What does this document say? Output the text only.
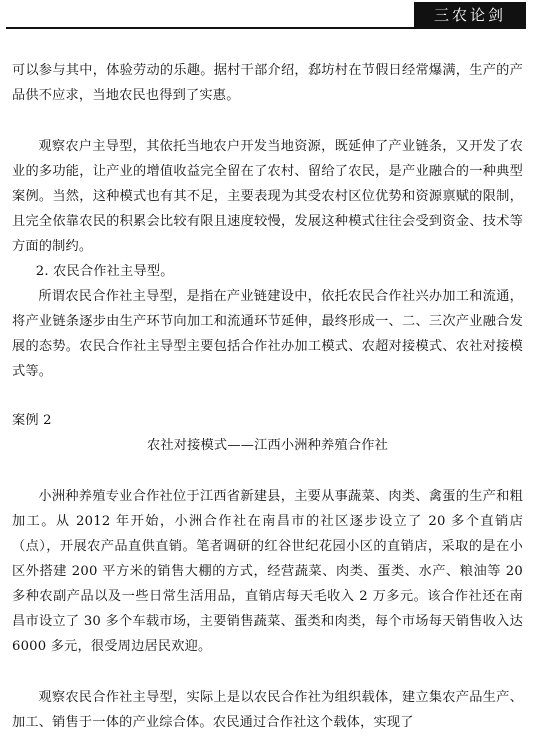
三农论剑

可以参与其中，体验劳动的乐趣。据村干部介绍，郄坊村在节假日经常爆满，生产的产品供不应求，当地农民也得到了实惠。

观察农户主导型，其依托当地农户开发当地资源，既延伸了产业链条，又开发了农业的多功能，让产业的增值收益完全留在了农村、留给了农民，是产业融合的一种典型案例。当然，这种模式也有其不足，主要表现为其受农村区位优势和资源禀赋的限制，且完全依靠农民的积累会比较有限且速度较慢，发展这种模式往往会受到资金、技术等方面的制约。

2. 农民合作社主导型。

所谓农民合作社主导型，是指在产业链建设中，依托农民合作社兴办加工和流通，将产业链条逐步由生产环节向加工和流通环节延伸，最终形成一、二、三次产业融合发展的态势。农民合作社主导型主要包括合作社办加工模式、农超对接模式、农社对接模式等。

案例 2

农社对接模式——江西小洲种养殖合作社

小洲种养殖专业合作社位于江西省新建县，主要从事蔬菜、肉类、禽蛋的生产和粗加工。从 2012 年开始，小洲合作社在南昌市的社区逐步设立了 20 多个直销店（点），开展农产品直供直销。笔者调研的红谷世纪花园小区的直销店，采取的是在小区外搭建 200 平方米的销售大棚的方式，经营蔬菜、肉类、蛋类、水产、粮油等 20 多种农副产品以及一些日常生活用品，直销店每天毛收入 2 万多元。该合作社还在南昌市设立了 30 多个车载市场，主要销售蔬菜、蛋类和肉类，每个市场每天销售收入达 6000 多元，很受周边居民欢迎。

观察农民合作社主导型，实际上是以农民合作社为组织载体，建立集农产品生产、加工、销售于一体的产业综合体。农民通过合作社这个载体，实现了
